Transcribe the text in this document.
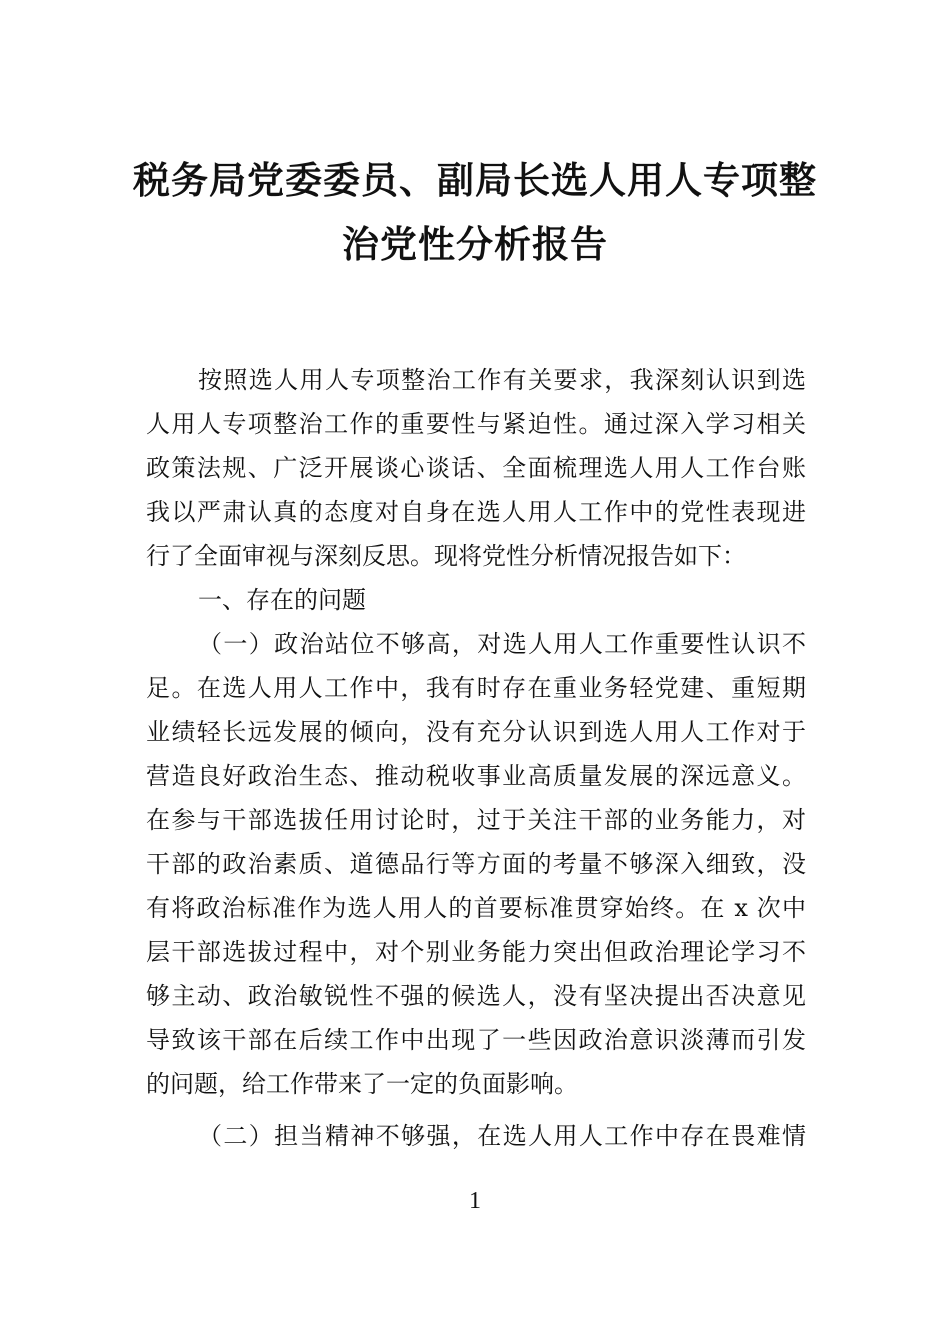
税务局党委委员、副局长选人用人专项整
治党性分析报告
按照选人用人专项整治工作有关要求，我深刻认识到选
人用人专项整治工作的重要性与紧迫性。通过深入学习相关
政策法规、广泛开展谈心谈话、全面梳理选人用人工作台账
我以严肃认真的态度对自身在选人用人工作中的党性表现进
行了全面审视与深刻反思。现将党性分析情况报告如下：
一、存在的问题
（一）政治站位不够高，对选人用人工作重要性认识不
足。在选人用人工作中，我有时存在重业务轻党建、重短期
业绩轻长远发展的倾向，没有充分认识到选人用人工作对于
营造良好政治生态、推动税收事业高质量发展的深远意义。
在参与干部选拔任用讨论时，过于关注干部的业务能力，对
干部的政治素质、道德品行等方面的考量不够深入细致，没
有将政治标准作为选人用人的首要标准贯穿始终。在 x 次中
层干部选拔过程中，对个别业务能力突出但政治理论学习不
够主动、政治敏锐性不强的候选人，没有坚决提出否决意见
导致该干部在后续工作中出现了一些因政治意识淡薄而引发
的问题，给工作带来了一定的负面影响。
（二）担当精神不够强，在选人用人工作中存在畏难情
1
